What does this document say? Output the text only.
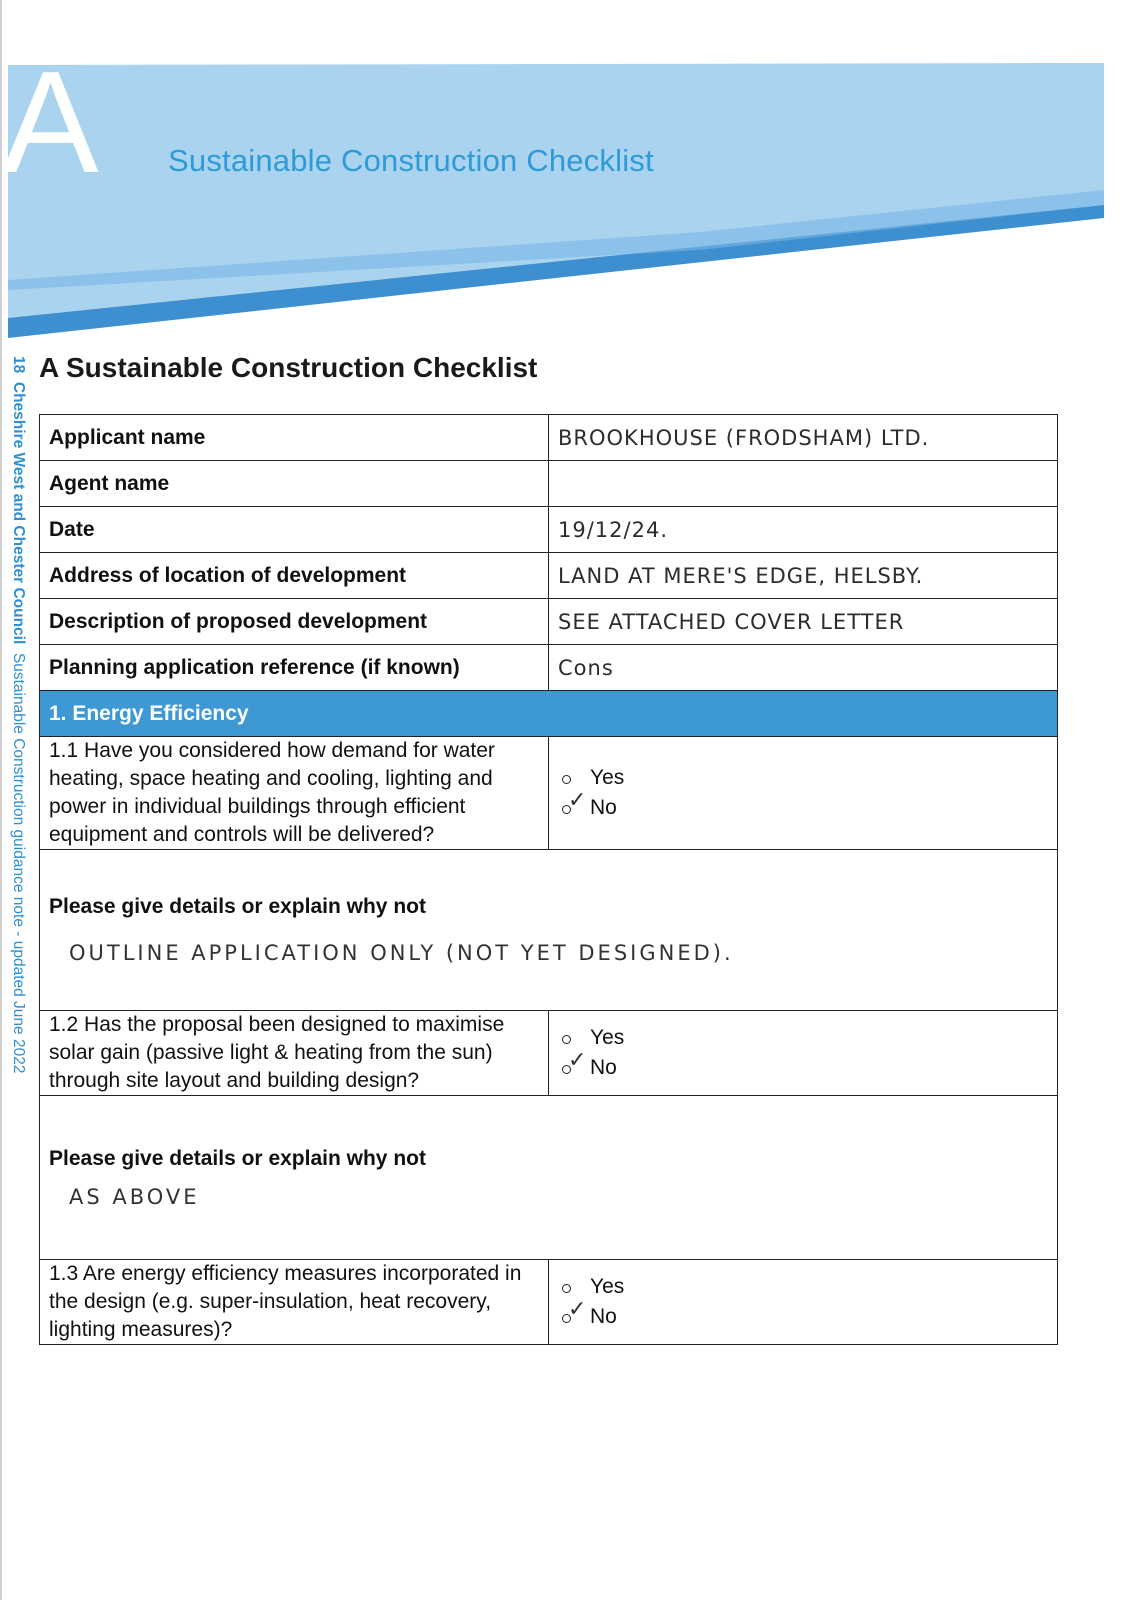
A Sustainable Construction Checklist
18  Cheshire West and Chester Council  Sustainable Construction guidance note - updated June 2022
A Sustainable Construction Checklist
Applicant name	BROOKHOUSE (FRODSHAM) LTD.
Agent name	
Date	19/12/24.
Address of location of development	LAND AT MERE'S EDGE, HELSBY.
Description of proposed development	SEE ATTACHED COVER LETTER
Planning application reference (if known)	Cons
1. Energy Efficiency	
1.1 Have you considered how demand for water heating, space heating and cooling, lighting and power in individual buildings through efficient equipment and controls will be delivered?	Yes
✓ No

Please give details or explain why not
OUTLINE APPLICATION ONLY (NOT YET DESIGNED).	

1.2 Has the proposal been designed to maximise solar gain (passive light & heating from the sun) through site layout and building design?	Yes
✓ No

Please give details or explain why not
AS ABOVE	

1.3 Are energy efficiency measures incorporated in the design (e.g. super-insulation, heat recovery, lighting measures)?	Yes
✓ No
